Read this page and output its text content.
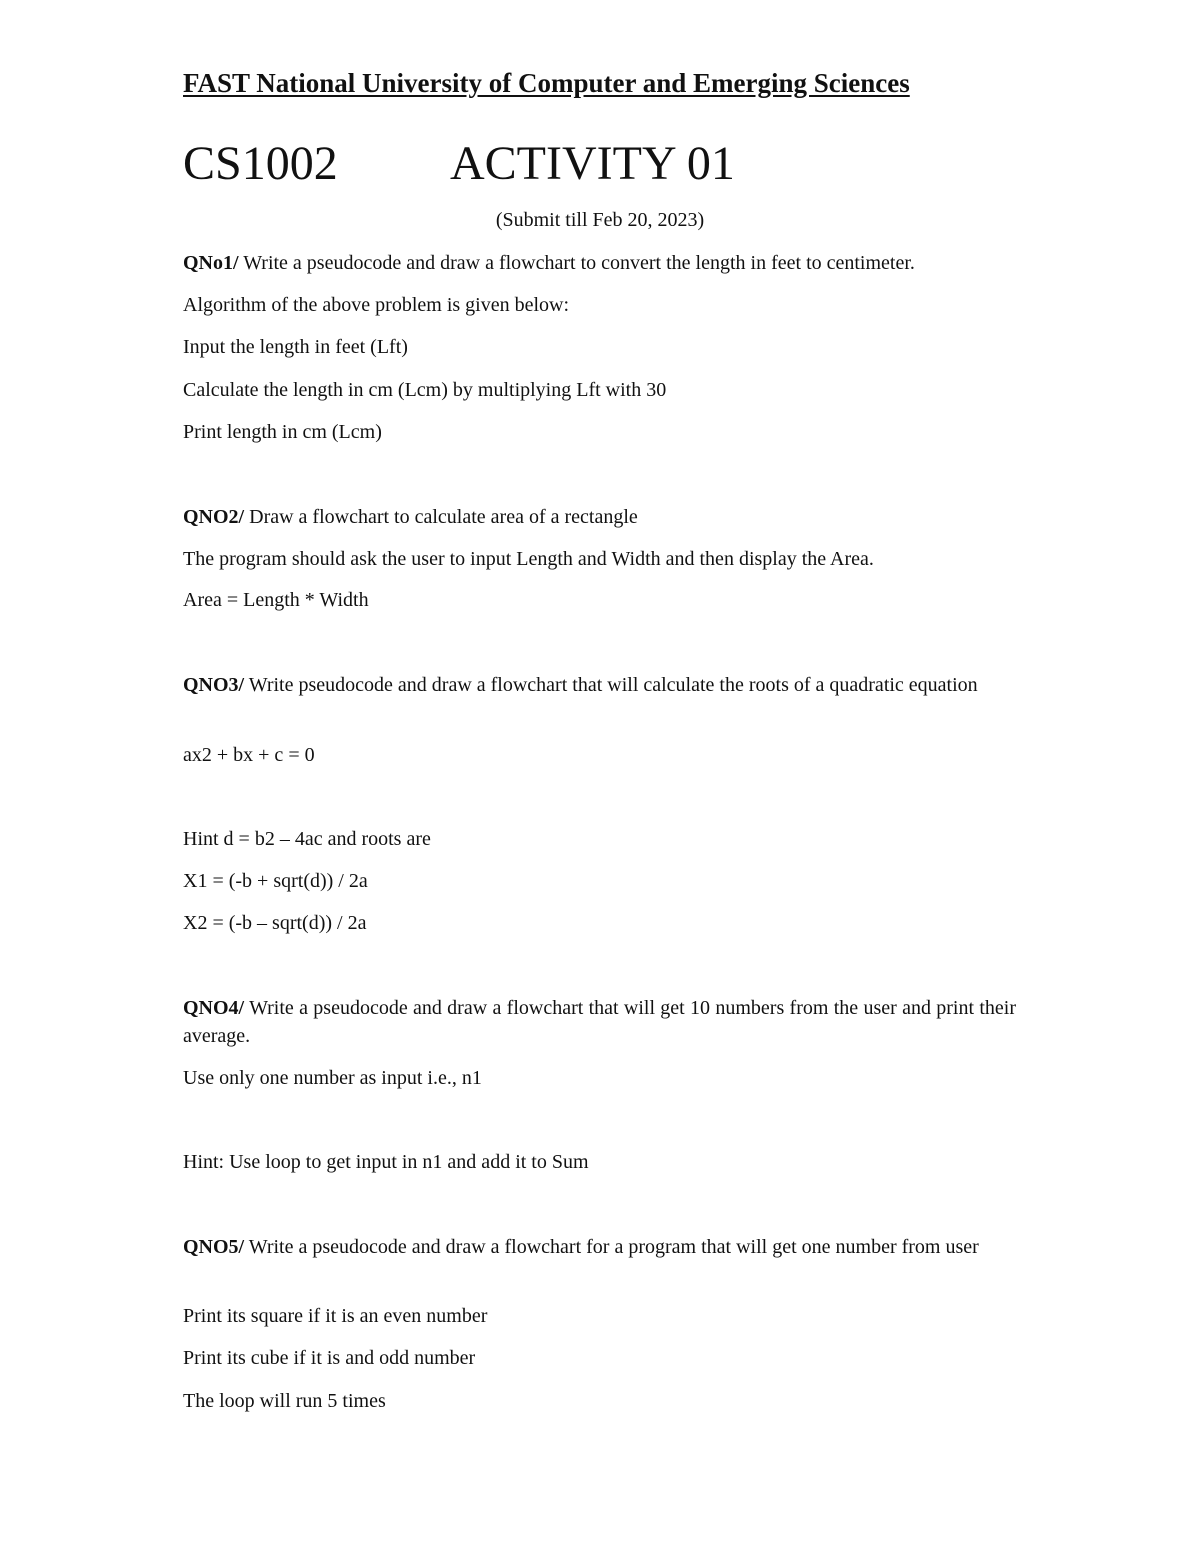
FAST National University of Computer and Emerging Sciences
CS1002 ACTIVITY 01
(Submit till Feb 20, 2023)
QNo1/ Write a pseudocode and draw a flowchart to convert the length in feet to centimeter.
Algorithm of the above problem is given below:
Input the length in feet (Lft)
Calculate the length in cm (Lcm) by multiplying Lft with 30
Print length in cm (Lcm)
QNO2/ Draw a flowchart to calculate area of a rectangle
The program should ask the user to input Length and Width and then display the Area.
Area = Length * Width
QNO3/ Write pseudocode and draw a flowchart that will calculate the roots of a quadratic equation
ax2 + bx + c = 0
Hint d = b2 – 4ac and roots are
X1 = (-b + sqrt(d)) / 2a
X2 = (-b – sqrt(d)) / 2a
QNO4/ Write a pseudocode and draw a flowchart that will get 10 numbers from the user and print their average.
Use only one number as input i.e., n1
Hint: Use loop to get input in n1 and add it to Sum
QNO5/ Write a pseudocode and draw a flowchart for a program that will get one number from user
Print its square if it is an even number
Print its cube if it is and odd number
The loop will run 5 times
